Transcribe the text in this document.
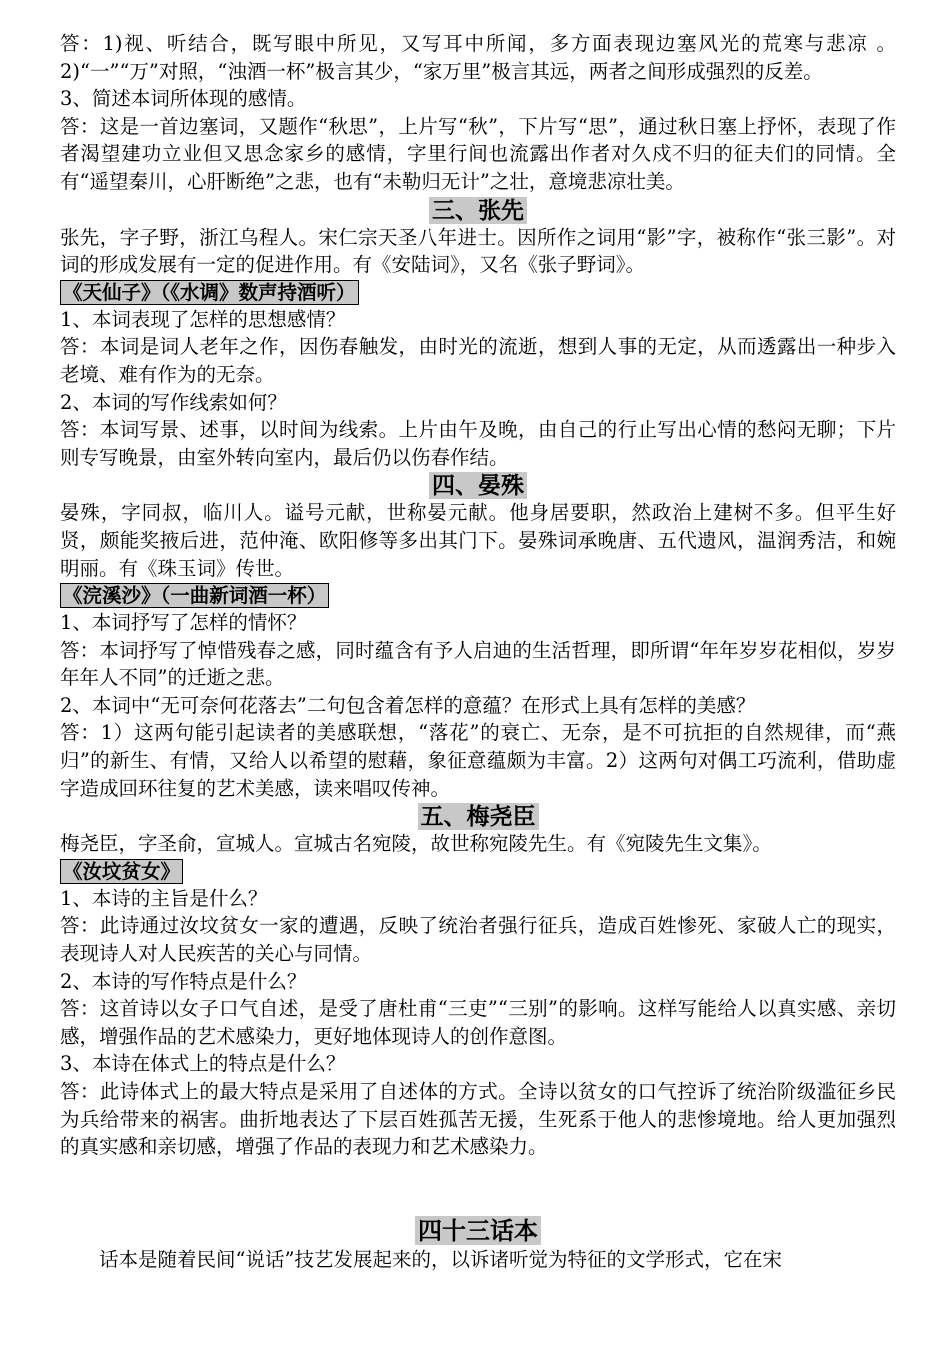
答：1)视、听结合，既写眼中所见，又写耳中所闻，多方面表现边塞风光的荒寒与悲凉 。2)“一”“万”对照，“浊酒一杯”极言其少，“家万里”极言其远，两者之间形成强烈的反差。

3、简述本词所体现的感情。

答：这是一首边塞词，又题作“秋思”，上片写“秋”，下片写“思”，通过秋日塞上抒怀，表现了作者渴望建功立业但又思念家乡的感情，字里行间也流露出作者对久戍不归的征夫们的同情。全有“遥望秦川，心肝断绝”之悲，也有“未勒归无计”之壮，意境悲凉壮美。

三、张先

张先，字子野，浙江乌程人。宋仁宗天圣八年进士。因所作之词用“影”字，被称作“张三影”。对词的形成发展有一定的促进作用。有《安陆词》，又名《张子野词》。

《天仙子》（《水调》数声持酒听）

1、本词表现了怎样的思想感情？

答：本词是词人老年之作，因伤春触发，由时光的流逝，想到人事的无定，从而透露出一种步入老境、难有作为的无奈。

2、本词的写作线索如何？

答：本词写景、述事，以时间为线索。上片由午及晚，由自己的行止写出心情的愁闷无聊；下片则专写晚景，由室外转向室内，最后仍以伤春作结。

四、晏殊

晏殊，字同叔，临川人。谥号元献，世称晏元献。他身居要职，然政治上建树不多。但平生好贤，颇能奖掖后进，范仲淹、欧阳修等多出其门下。晏殊词承晚唐、五代遗风，温润秀洁，和婉明丽。有《珠玉词》传世。

《浣溪沙》（一曲新词酒一杯）

1、本词抒写了怎样的情怀？

答：本词抒写了悼惜残春之感，同时蕴含有予人启迪的生活哲理，即所谓“年年岁岁花相似，岁岁年年人不同”的迁逝之悲。

2、本词中“无可奈何花落去”二句包含着怎样的意蕴？在形式上具有怎样的美感？

答：1）这两句能引起读者的美感联想，“落花”的衰亡、无奈，是不可抗拒的自然规律，而“燕归”的新生、有情，又给人以希望的慰藉，象征意蕴颇为丰富。2）这两句对偶工巧流利，借助虚字造成回环往复的艺术美感，读来唱叹传神。

五、梅尧臣

梅尧臣，字圣俞，宣城人。宣城古名宛陵，故世称宛陵先生。有《宛陵先生文集》。

《汝坟贫女》

1、本诗的主旨是什么？

答：此诗通过汝坟贫女一家的遭遇，反映了统治者强行征兵，造成百姓惨死、家破人亡的现实，表现诗人对人民疾苦的关心与同情。

2、本诗的写作特点是什么？

答：这首诗以女子口气自述，是受了唐杜甫“三吏”“三别”的影响。这样写能给人以真实感、亲切感，增强作品的艺术感染力，更好地体现诗人的创作意图。

3、本诗在体式上的特点是什么？

答：此诗体式上的最大特点是采用了自述体的方式。全诗以贫女的口气控诉了统治阶级滥征乡民为兵给带来的祸害。曲折地表达了下层百姓孤苦无援，生死系于他人的悲惨境地。给人更加强烈的真实感和亲切感，增强了作品的表现力和艺术感染力。

四十三话本

话本是随着民间“说话”技艺发展起来的，以诉诸听觉为特征的文学形式，它在宋
